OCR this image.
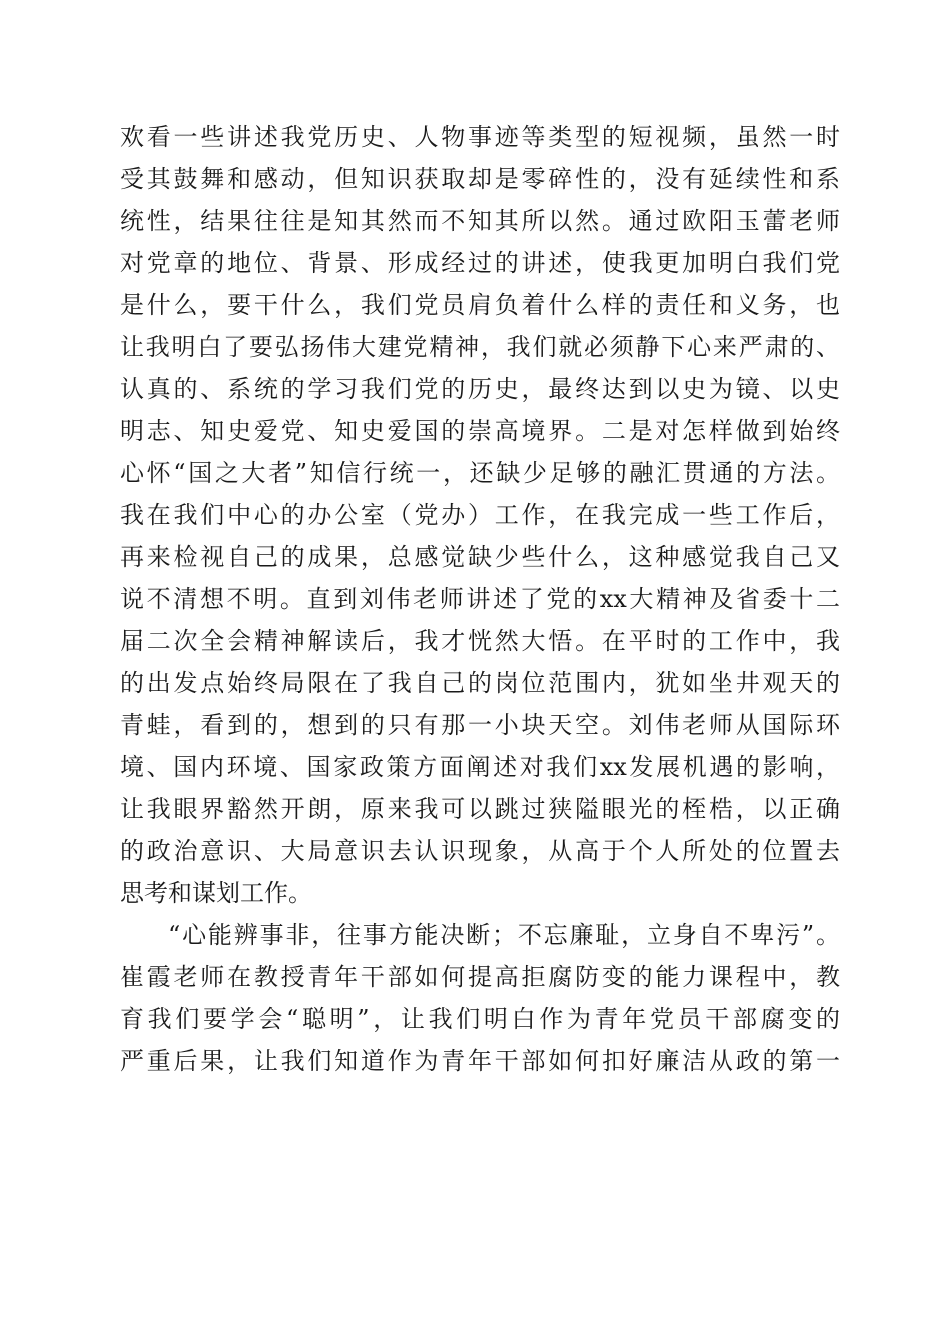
欢看一些讲述我党历史、人物事迹等类型的短视频，虽然一时
受其鼓舞和感动，但知识获取却是零碎性的，没有延续性和系
统性，结果往往是知其然而不知其所以然。通过欧阳玉蕾老师
对党章的地位、背景、形成经过的讲述，使我更加明白我们党
是什么，要干什么，我们党员肩负着什么样的责任和义务，也
让我明白了要弘扬伟大建党精神，我们就必须静下心来严肃的、
认真的、系统的学习我们党的历史，最终达到以史为镜、以史
明志、知史爱党、知史爱国的崇高境界。二是对怎样做到始终
心怀“国之大者”知信行统一，还缺少足够的融汇贯通的方法。
我在我们中心的办公室（党办）工作，在我完成一些工作后，
再来检视自己的成果，总感觉缺少些什么，这种感觉我自己又
说不清想不明。直到刘伟老师讲述了党的xx大精神及省委十二
届二次全会精神解读后，我才恍然大悟。在平时的工作中，我
的出发点始终局限在了我自己的岗位范围内，犹如坐井观天的
青蛙，看到的，想到的只有那一小块天空。刘伟老师从国际环
境、国内环境、国家政策方面阐述对我们xx发展机遇的影响，
让我眼界豁然开朗，原来我可以跳过狭隘眼光的桎梏，以正确
的政治意识、大局意识去认识现象，从高于个人所处的位置去
思考和谋划工作。
“心能辨事非，往事方能决断；不忘廉耻，立身自不卑污”。
崔霞老师在教授青年干部如何提高拒腐防变的能力课程中，教
育我们要学会“聪明”，让我们明白作为青年党员干部腐变的
严重后果，让我们知道作为青年干部如何扣好廉洁从政的第一
